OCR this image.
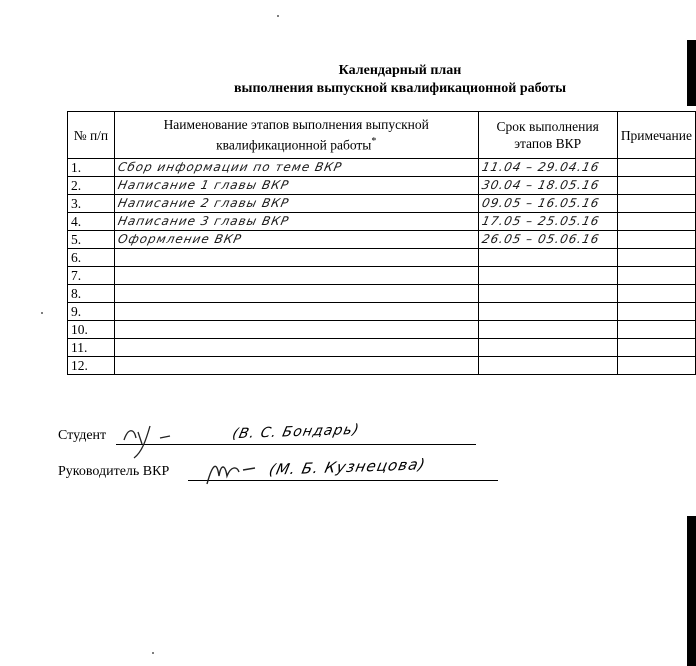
Календарный план
выполнения выпускной квалификационной работы
№ п/п	Наименование этапов выполнения выпускной квалификационной работы*	Срок выполнения этапов ВКР	Примечание
1.	Сбор информации по теме ВКР	11.04 – 29.04.16	
2.	Написание 1 главы ВКР	30.04 – 18.05.16	
3.	Написание 2 главы ВКР	09.05 – 16.05.16	
4.	Написание 3 главы ВКР	17.05 – 25.05.16	
5.	Оформление ВКР	26.05 – 05.06.16	
6.			
7.			
8.			
9.			
10.			
11.			
12.			
Студент	(В. С. Бондарь)
Руководитель ВКР	(М. Б. Кузнецова)
